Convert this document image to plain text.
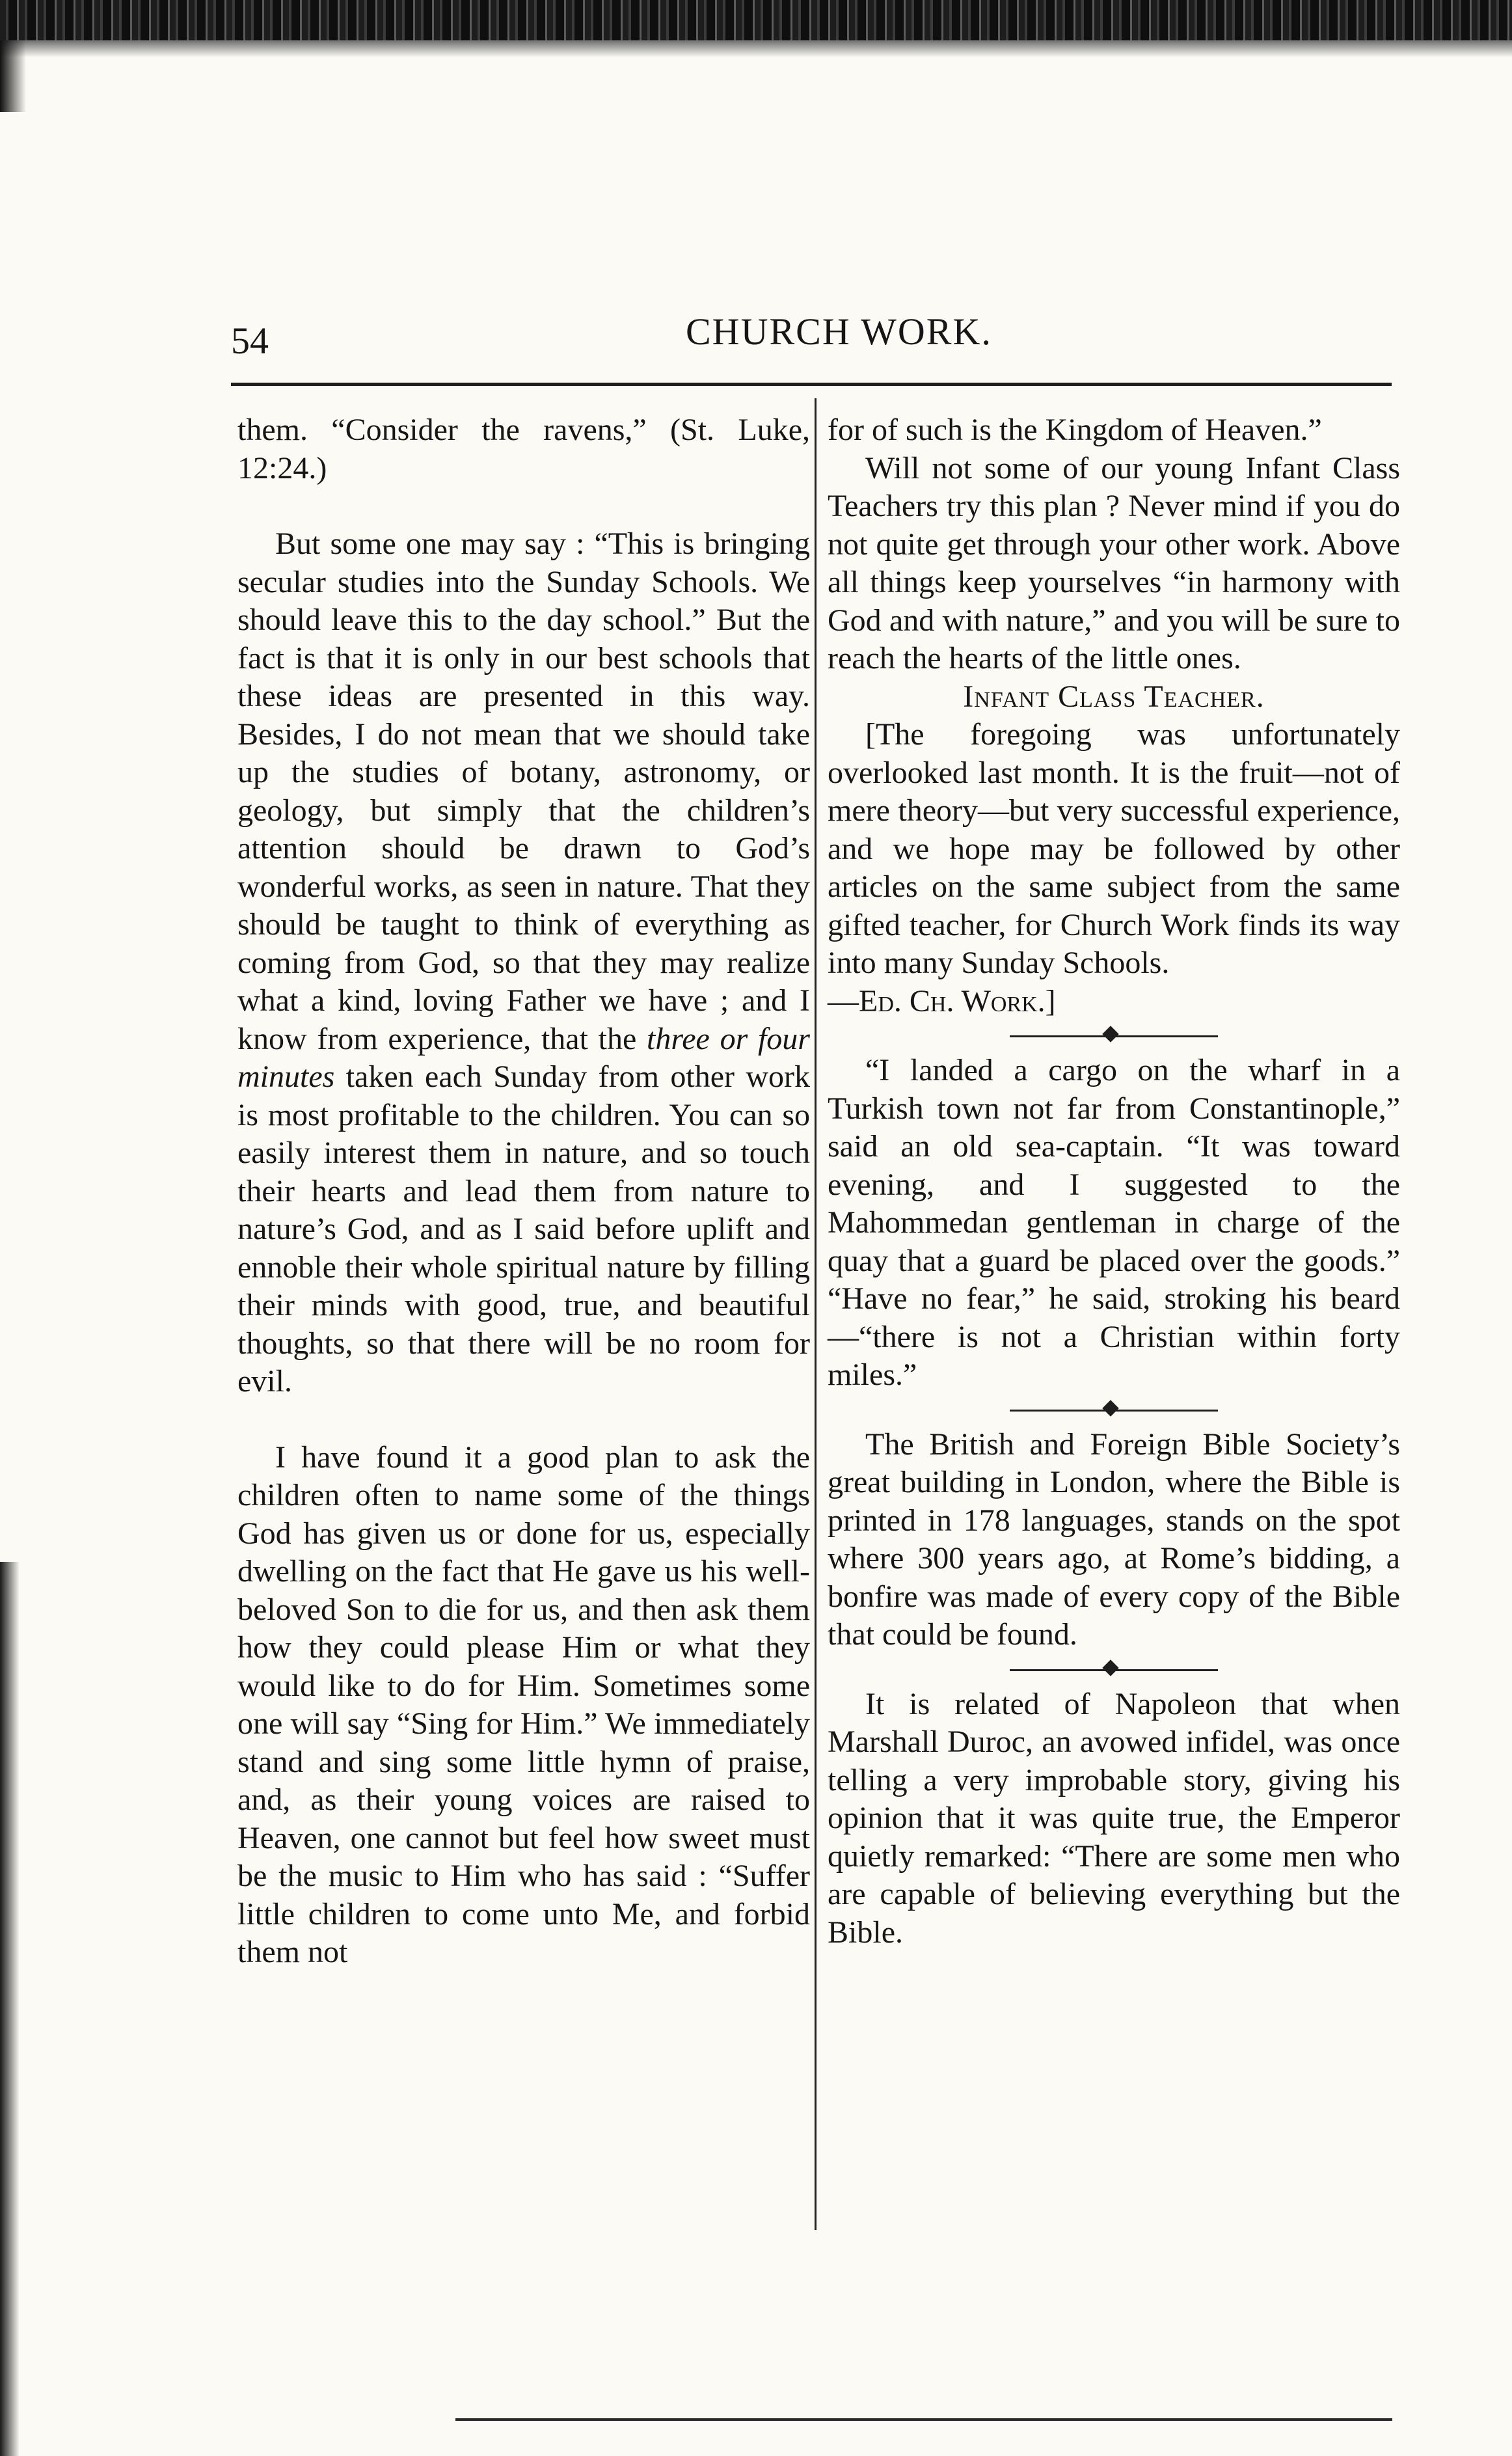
54	CHURCH WORK.

them. “Consider the ravens,” (St. Luke, 12:24.)

But some one may say : “This is bringing secular studies into the Sunday Schools. We should leave this to the day school.” But the fact is that it is only in our best schools that these ideas are presented in this way. Besides, I do not mean that we should take up the studies of botany, astronomy, or geology, but simply that the children’s attention should be drawn to God’s wonderful works, as seen in nature. That they should be taught to think of everything as coming from God, so that they may realize what a kind, loving Father we have ; and I know from experience, that the three or four minutes taken each Sunday from other work is most profitable to the children. You can so easily interest them in nature, and so touch their hearts and lead them from nature to nature’s God, and as I said before uplift and ennoble their whole spiritual nature by filling their minds with good, true, and beautiful thoughts, so that there will be no room for evil.

I have found it a good plan to ask the children often to name some of the things God has given us or done for us, especially dwelling on the fact that He gave us his well-beloved Son to die for us, and then ask them how they could please Him or what they would like to do for Him. Sometimes some one will say “Sing for Him.” We immediately stand and sing some little hymn of praise, and, as their young voices are raised to Heaven, one cannot but feel how sweet must be the music to Him who has said : “Suffer little children to come unto Me, and forbid them not

for of such is the Kingdom of Heaven.”

Will not some of our young Infant Class Teachers try this plan ? Never mind if you do not quite get through your other work. Above all things keep yourselves “in harmony with God and with nature,” and you will be sure to reach the hearts of the little ones.

Infant Class Teacher.

[The foregoing was unfortunately overlooked last month. It is the fruit—not of mere theory—but very successful experience, and we hope may be followed by other articles on the same subject from the same gifted teacher, for Church Work finds its way into many Sunday Schools.

—Ed. Ch. Work.]

“I landed a cargo on the wharf in a Turkish town not far from Constantinople,” said an old sea-captain. “It was toward evening, and I suggested to the Mahommedan gentleman in charge of the quay that a guard be placed over the goods.” “Have no fear,” he said, stroking his beard—“there is not a Christian within forty miles.”

The British and Foreign Bible Society’s great building in London, where the Bible is printed in 178 languages, stands on the spot where 300 years ago, at Rome’s bidding, a bonfire was made of every copy of the Bible that could be found.

It is related of Napoleon that when Marshall Duroc, an avowed infidel, was once telling a very improbable story, giving his opinion that it was quite true, the Emperor quietly remarked: “There are some men who are capable of believing everything but the Bible.
